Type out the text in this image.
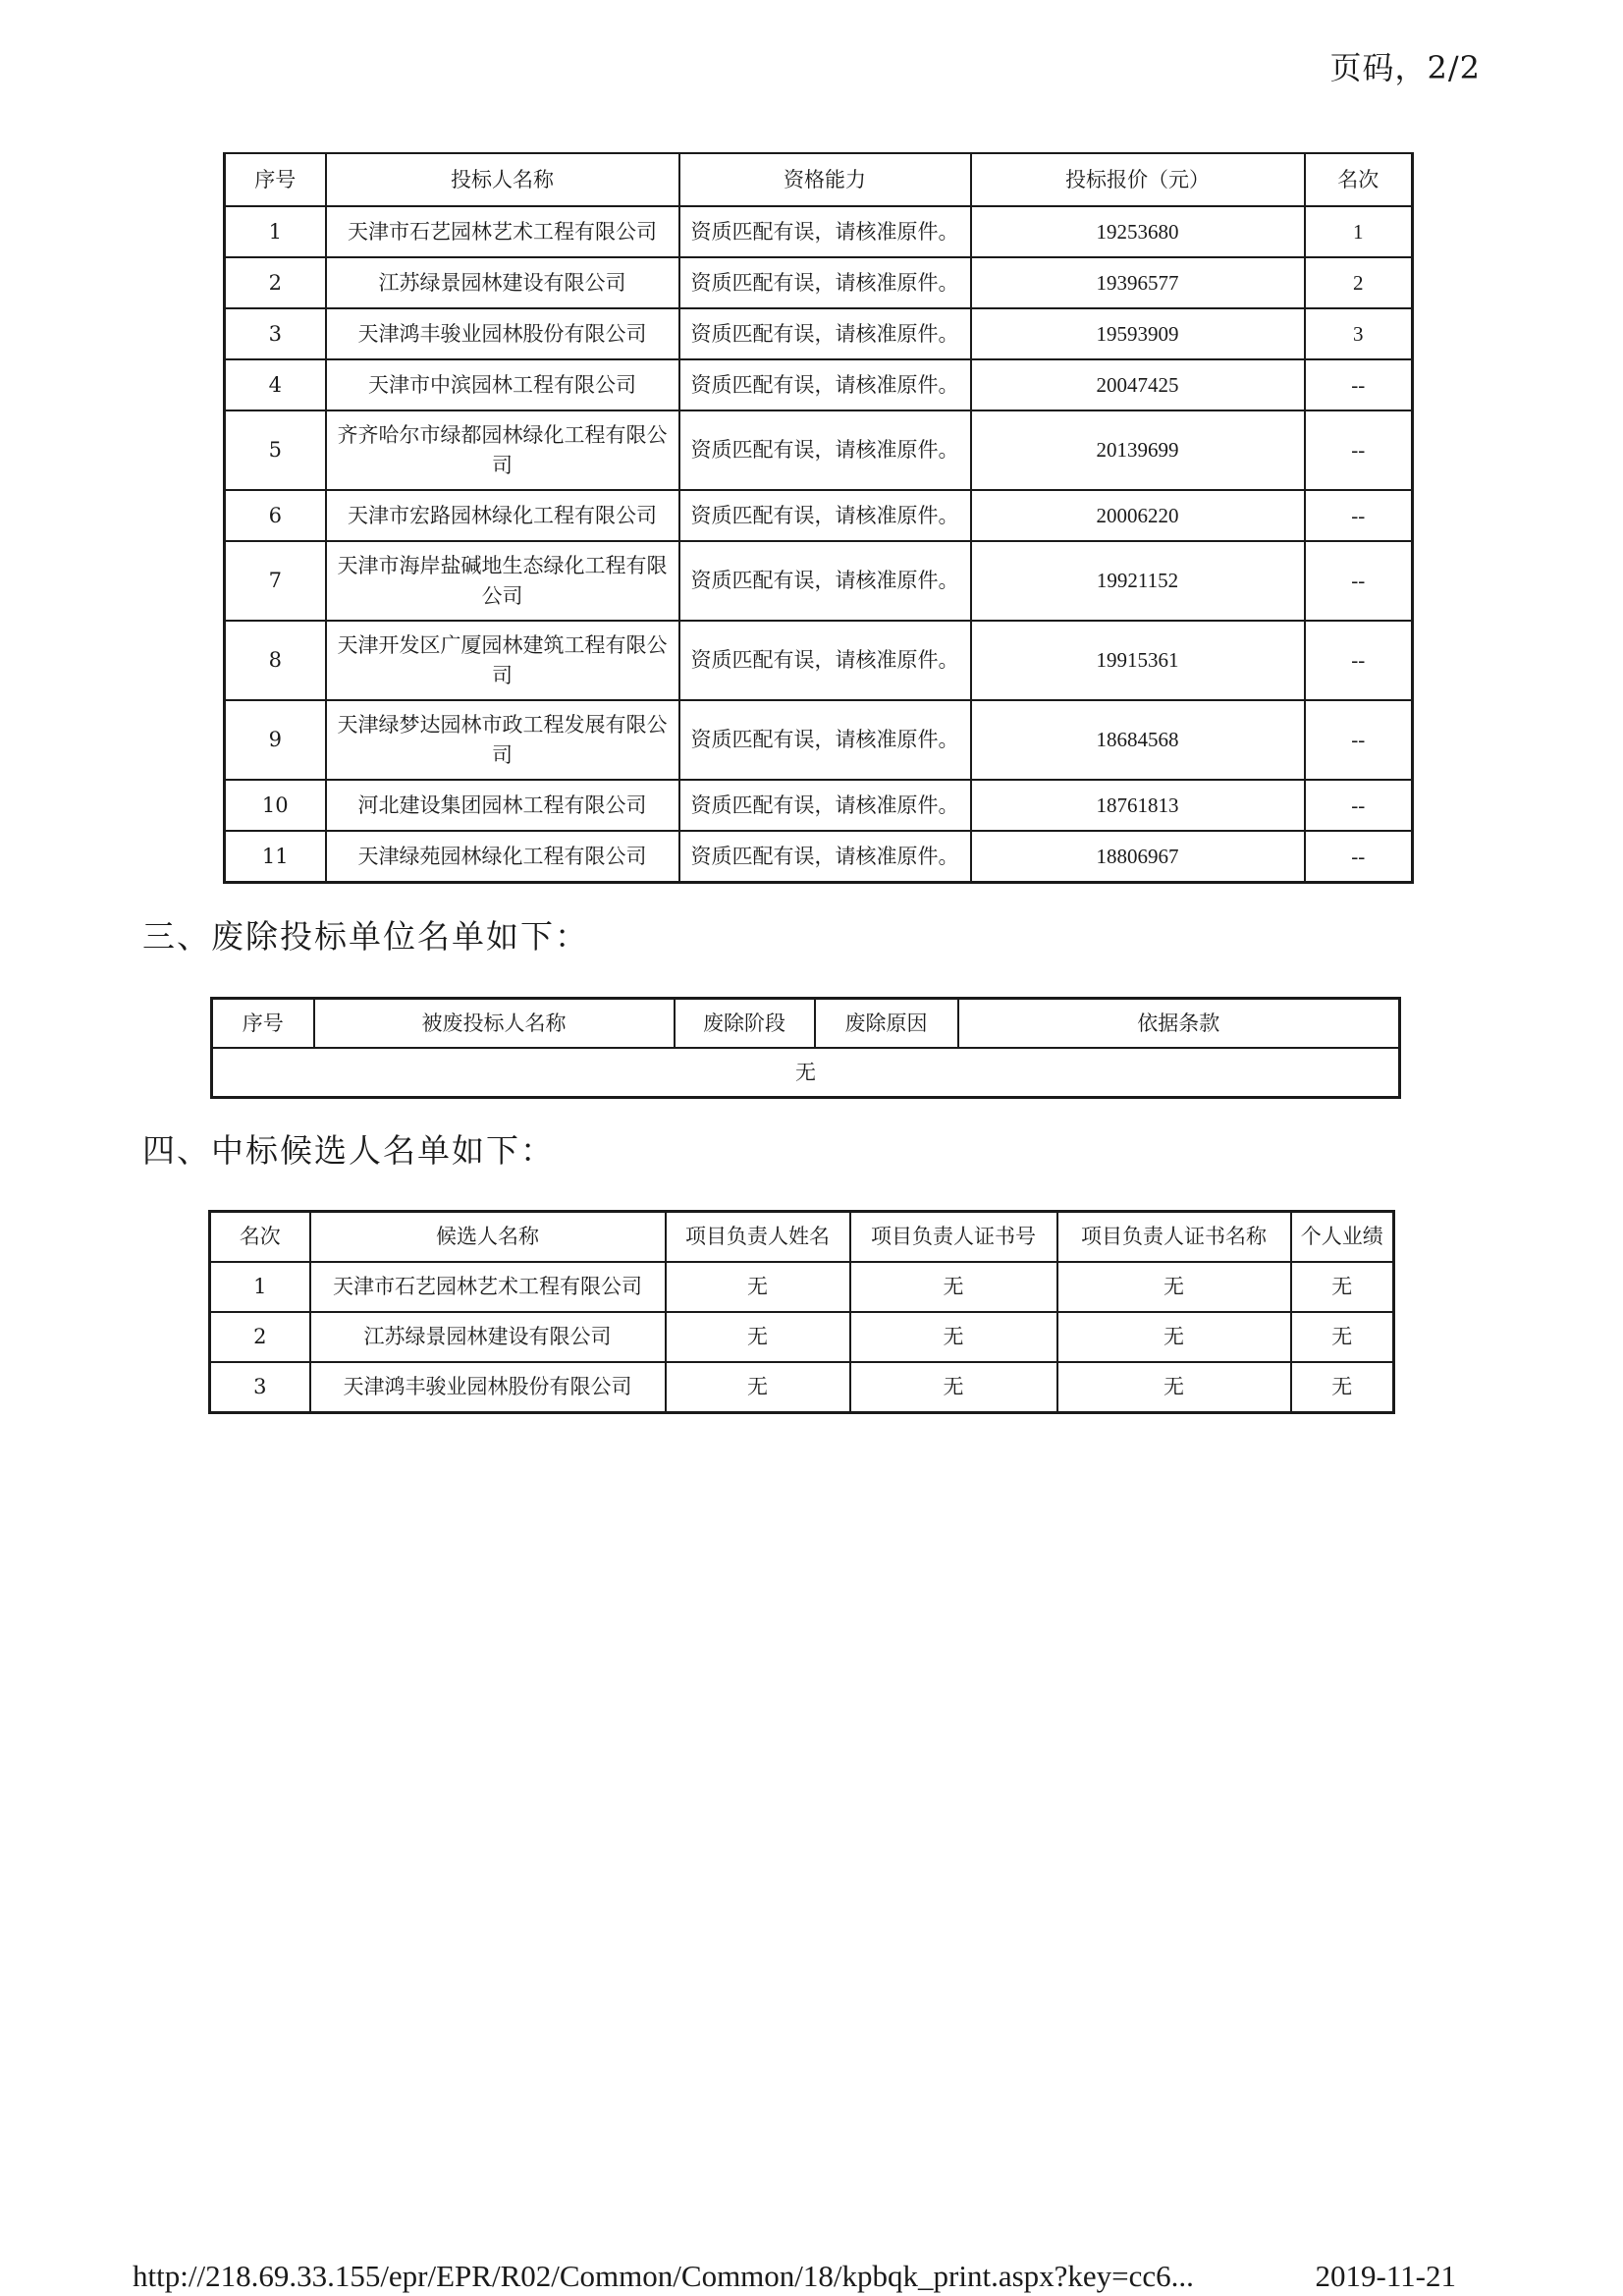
页码，2/2
序号	投标人名称	资格能力	投标报价（元）	名次
1	天津市石艺园林艺术工程有限公司	资质匹配有误，请核准原件。	19253680	1
2	江苏绿景园林建设有限公司	资质匹配有误，请核准原件。	19396577	2
3	天津鸿丰骏业园林股份有限公司	资质匹配有误，请核准原件。	19593909	3
4	天津市中滨园林工程有限公司	资质匹配有误，请核准原件。	20047425	--
5	齐齐哈尔市绿都园林绿化工程有限公司	资质匹配有误，请核准原件。	20139699	--
6	天津市宏路园林绿化工程有限公司	资质匹配有误，请核准原件。	20006220	--
7	天津市海岸盐碱地生态绿化工程有限公司	资质匹配有误，请核准原件。	19921152	--
8	天津开发区广厦园林建筑工程有限公司	资质匹配有误，请核准原件。	19915361	--
9	天津绿梦达园林市政工程发展有限公司	资质匹配有误，请核准原件。	18684568	--
10	河北建设集团园林工程有限公司	资质匹配有误，请核准原件。	18761813	--
11	天津绿苑园林绿化工程有限公司	资质匹配有误，请核准原件。	18806967	--
三、废除投标单位名单如下：
序号	被废投标人名称	废除阶段	废除原因	依据条款
无
四、中标候选人名单如下：
名次	候选人名称	项目负责人姓名	项目负责人证书号	项目负责人证书名称	个人业绩
1	天津市石艺园林艺术工程有限公司	无	无	无	无
2	江苏绿景园林建设有限公司	无	无	无	无
3	天津鸿丰骏业园林股份有限公司	无	无	无	无
http://218.69.33.155/epr/EPR/R02/Common/Common/18/kpbqk_print.aspx?key=cc6...	2019-11-21
